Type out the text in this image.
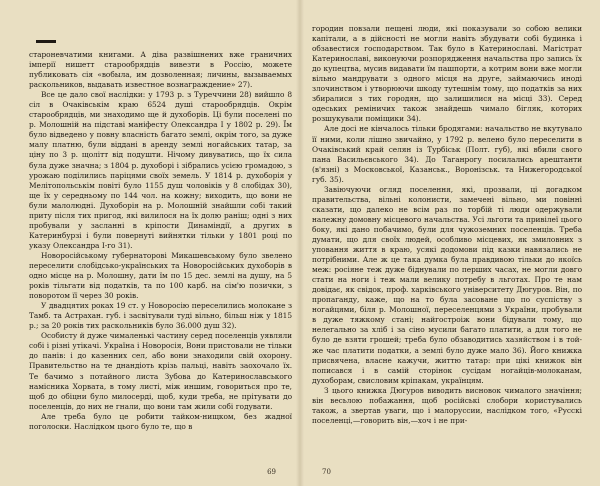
староневчатими книгами. А діва развішнених вже граничних імперії нишетт старообрядців вивезти в Россію, можете публиковать сія «вобыла, им дозволенная; личины, вызываемых раскольников, выдавать известное вознаграждение» 27).

Все це дало свої наслідки: у 1793 р. з Туреччини 28) вийшло 8 сіл в Очаківськім краю 6524 душі старообрядців. Окрім старообрядців, ми знаходимо ще й духоборів. Ці були поселені по р. Молошній на підставі маніфесту Олександра І у 1802 р. 29). Їм було відведено у повну власність багато землі, окрім того, за дуже малу платню, були віддані в аренду землі ногайських татар, за ціну по 3 р. щолітт від подушти. Нічому дивуватись, що їх сила була дуже значна; з 1804 р. духоборі і зібрались усією громадою, з урожаю поділились паріцями своїх земель. У 1814 р. духоборія у Мелітопольськім повіті було 1155 душ чоловіків у 8 слобідах 30), ще їх у середньому по 144 чол. на кожну; виходить, що вони не були малолюдні. Духоборія на р. Молошній знайшли собі такий приту після тих пригод, які вилилося на їх долю раніш; одні з них пробували у засланні в кріпости Динаміндії, а других в Катеринбурзі і були повернуті вийнятки тільки у 1801 році по указу Олександра І-го 31).

Новоросійському губернаторові Микашевському було звелено переселити слобідсько-українських та Новоросійських духоборів в одно місце на р. Молошну, дати їм по 15 дес. землі на душу, на 5 років тільгати від податків, та по 100 карб. на сім'ю позички, з поворотом її через 30 років.

У двадцятих роках 19 ст. у Новоросію переселились молокане з Тамб. та Астрахан. губ. і засвітували туді вільно, більш ніж у 1815 р.; за 20 років тих раскольників було 36.000 душ 32).

Особисту й дуже чималенькі частину серед поселенців уявляли собі і різні утікачі. Україна і Новоросія, Вони пристовали не тільки до панів: і до казенних сел, або вони знаходили свій охорону. Правительство на те днандіоть крізь пальці, навіть заохочало їх. Те бачимо з потайного листа Зубова до Катеринославського намісника Хорвата, в тому листі, між иншим, говориться про те, щоб до обіцни було милосерді, щоб, куди треба, не прітувати до поселенців, до них не гнали, що вони там жили собі годувати.

Але треба було це робити тайком-нищком, без жадної поголоски. Наслідком цього було те, що в

69

городин повзали пещені люди, які показували зо собою велики капітали, а в дійсності не могли навіть збудувати собі будинка і обзавестися господарством. Так було в Катеринославі. Магістрат Катеринославі, виконуючи розпорядження начальства про запись їх до купецтва, мусив видавати їм пашпорти, а котрим вони вже могли вільно мандрувати з одного місця на друге, займаючись иноді злочинством і утворюючи шкоду тутешнім тому, що податків за них збиралися з тих городян, що залишилися на місці 33). Серед одеських реміничих також знайдешь чимало бігляк, которих розшукували поміщики 34).

Але досі не кінчалось тільки бродягами: начальство не вкутувало її ними, коли лішно звичайно, у 1792 р. велено було переселити в Очаківський край селян із Турбіськ (Полт. губ), які вбили свого пана Васильєвського 34). До Таганрогу посилались арештанти (в'язні) з Московської, Казанськ., Воронізськ. та Нижегородської губ. 35).

Завіючуючи огляд поселення, які, прозвали, ці догадком правительства, вільні колонисти, замечені вільно, ми повінні сказати, що далеко не всім раз по торбій ті люди одержували належну домовну місцевого начальства. Усі льготи та привілеї цього боку, які дано побачимо, були для чужоземних поселенців. Треба думати, що для своїх людей, особливо місцевих, як змиловних з уповання життя в краю, усякі додомови під казки навязались не потрібними. Але ж це така думка була правдивою тільки до якоїсь меж: росіяне теж дуже біднували по перших часах, не могли довго стати на ноги і теж мали велику потребу в льготах. Про те нам довідає, як свідок, проф. харківського університету Дюгуров. Він, по пропаганду, каже, що на то була засоване що по суспіству з ногайцями, біля р. Молошної, переселенцями з України, пробували в дуже тяжкому стані; найгостроіж вони бідували тому, що нелегально за хліб і за сіно мусили багато платити, а для того не було де взяти грошей; треба було обзаводитись хазяйством і в той-же час платити податки, а землі було дуже мало 36). Його книжка присвячена, власне кажучи, життю татар: при цікі книжок він пописався і в самій сторінок сусідам ногайців-молоканам, духоборам, свисловим кріпакам, українцям.

З цього книжка Дюгуров виводить висновок чималого значіння; він весьлою побажання, щоб російські слобори користувались також, а звертав уваги, що і малоруссии, наслідком того, «Русскі поселенці,—говорить він,—хоч і не при-

70
